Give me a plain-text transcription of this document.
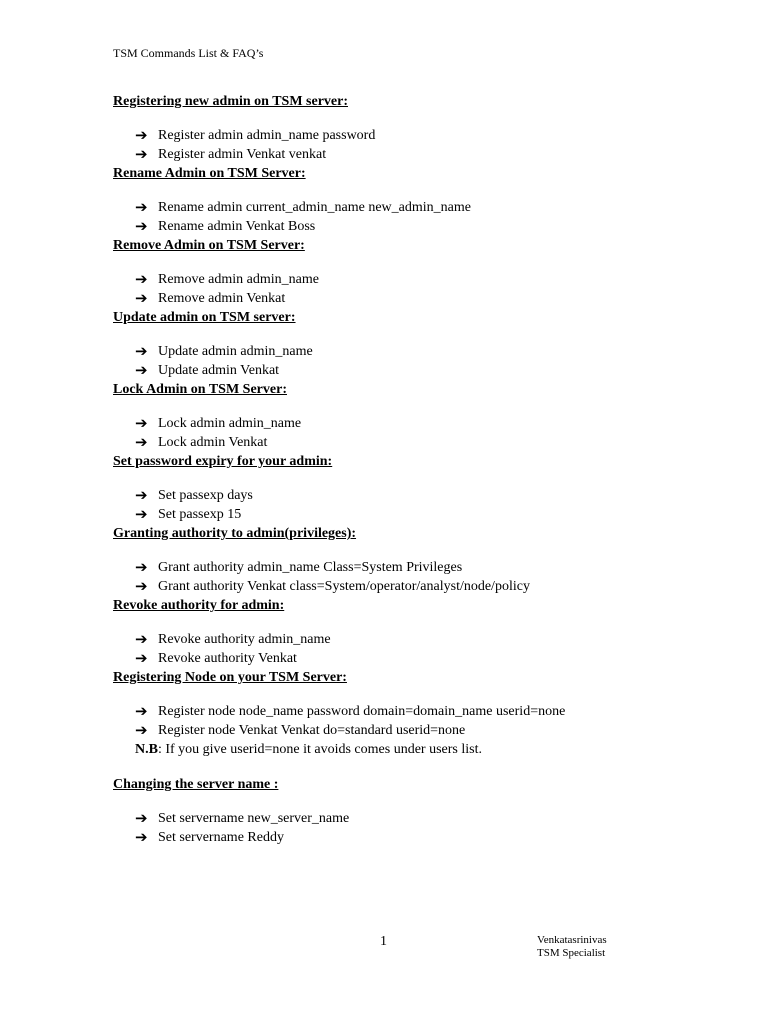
TSM Commands List & FAQ’s
Registering new admin on TSM server:
➔ Register admin admin_name password
➔ Register admin Venkat venkat
Rename Admin on TSM Server:
➔ Rename admin current_admin_name new_admin_name
➔ Rename admin Venkat Boss
Remove Admin on TSM Server:
➔ Remove admin admin_name
➔ Remove admin Venkat
Update admin on TSM server:
➔ Update admin admin_name
➔ Update admin Venkat
Lock Admin on TSM Server:
➔ Lock admin admin_name
➔ Lock admin Venkat
Set password expiry for your admin:
➔ Set passexp days
➔ Set passexp 15
Granting authority to admin(privileges):
➔ Grant authority admin_name Class=System Privileges
➔ Grant authority Venkat class=System/operator/analyst/node/policy
Revoke authority for admin:
➔ Revoke authority admin_name
➔ Revoke authority Venkat
Registering Node on your TSM Server:
➔ Register node node_name password domain=domain_name userid=none
➔ Register node Venkat Venkat do=standard userid=none
N.B: If you give userid=none it avoids comes under users list.
Changing the server name :
➔ Set servername new_server_name
➔ Set servername Reddy
1	Venkatasrinivas
TSM Specialist
